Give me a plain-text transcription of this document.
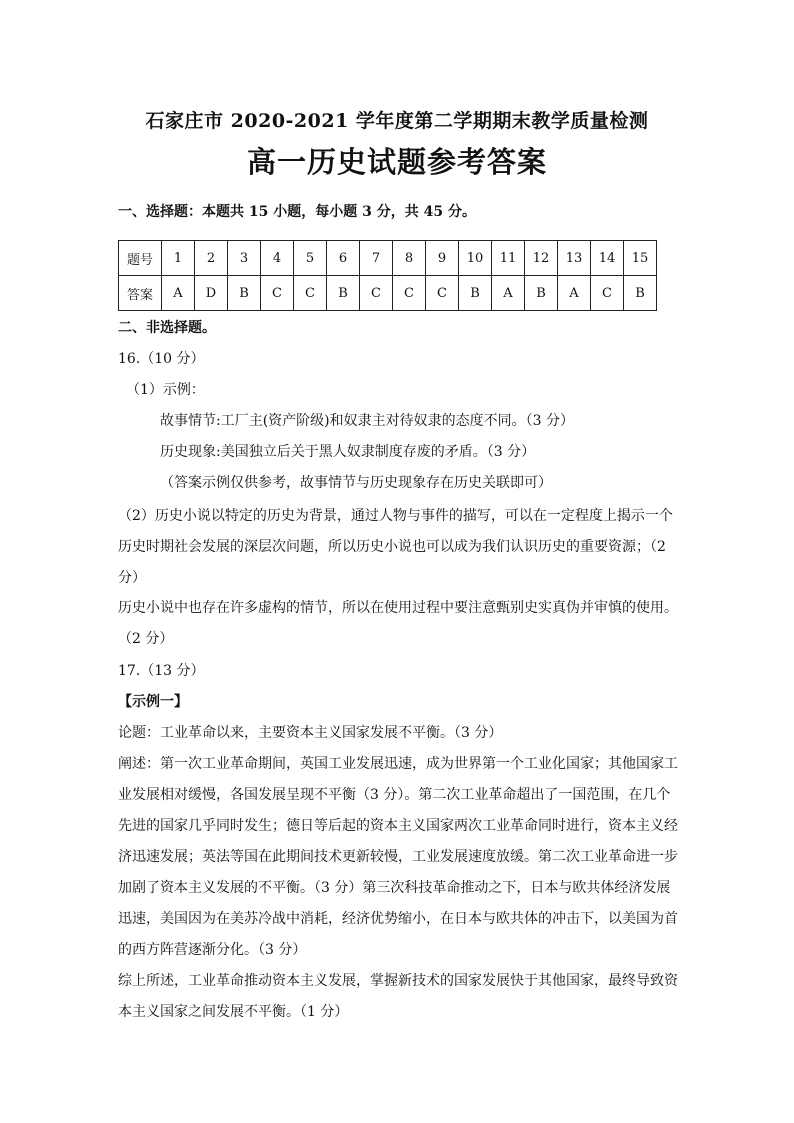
石家庄市 2020-2021 学年度第二学期期末教学质量检测
高一历史试题参考答案
一、选择题：本题共 15 小题，每小题 3 分，共 45 分。
题号	1	2	3	4	5	6	7	8	9	10	11	12	13	14	15
答案	A	D	B	C	C	B	C	C	C	B	A	B	A	C	B
二、非选择题。
16.（10 分）
（1）示例：
故事情节:工厂主(资产阶级)和奴隶主对待奴隶的态度不同。（3 分）
历史现象:美国独立后关于黑人奴隶制度存废的矛盾。（3 分）
（答案示例仅供参考，故事情节与历史现象存在历史关联即可）
（2）历史小说以特定的历史为背景，通过人物与事件的描写，可以在一定程度上揭示一个
历史时期社会发展的深层次问题，所以历史小说也可以成为我们认识历史的重要资源；（2
分）
历史小说中也存在许多虚构的情节，所以在使用过程中要注意甄别史实真伪并审慎的使用。
（2 分）
17.（13 分）
【示例一】
论题：工业革命以来，主要资本主义国家发展不平衡。（3 分）
阐述：第一次工业革命期间，英国工业发展迅速，成为世界第一个工业化国家；其他国家工
业发展相对缓慢，各国发展呈现不平衡（3 分）。第二次工业革命超出了一国范围，在几个
先进的国家几乎同时发生；德日等后起的资本主义国家两次工业革命同时进行，资本主义经
济迅速发展；英法等国在此期间技术更新较慢，工业发展速度放缓。第二次工业革命进一步
加剧了资本主义发展的不平衡。（3 分）第三次科技革命推动之下，日本与欧共体经济发展
迅速，美国因为在美苏冷战中消耗，经济优势缩小，在日本与欧共体的冲击下，以美国为首
的西方阵营逐渐分化。（3 分）
综上所述，工业革命推动资本主义发展，掌握新技术的国家发展快于其他国家，最终导致资
本主义国家之间发展不平衡。（1 分）
